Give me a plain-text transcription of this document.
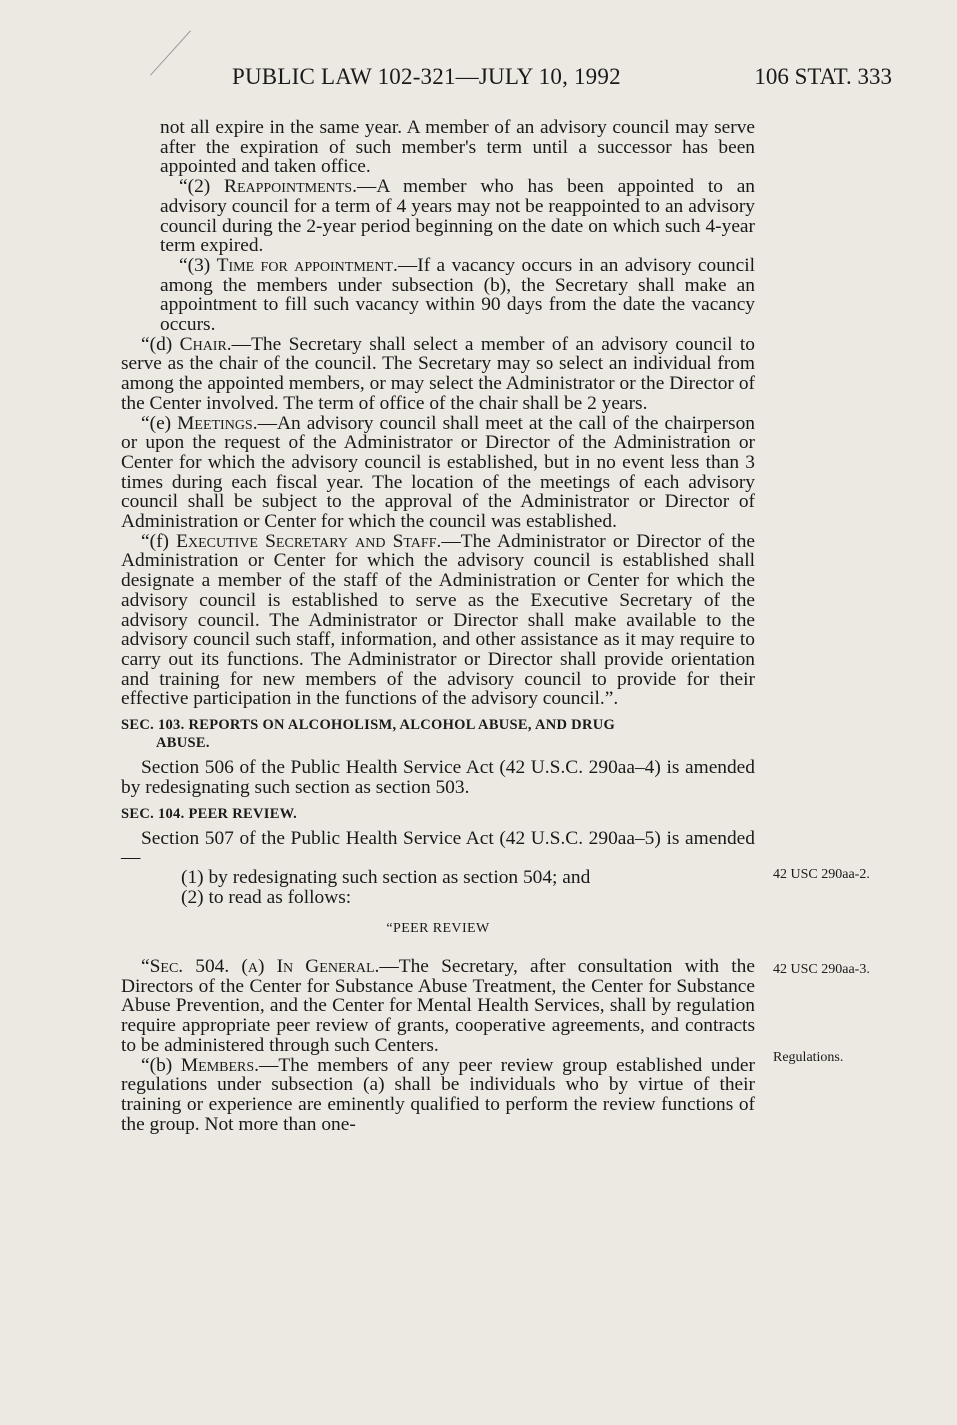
PUBLIC LAW 102-321—JULY 10, 1992	106 STAT. 333

not all expire in the same year. A member of an advisory council may serve after the expiration of such member's term until a successor has been appointed and taken office.

“(2) Reappointments.—A member who has been appointed to an advisory council for a term of 4 years may not be reappointed to an advisory council during the 2-year period beginning on the date on which such 4-year term expired.

“(3) Time for appointment.—If a vacancy occurs in an advisory council among the members under subsection (b), the Secretary shall make an appointment to fill such vacancy within 90 days from the date the vacancy occurs.

“(d) Chair.—The Secretary shall select a member of an advisory council to serve as the chair of the council. The Secretary may so select an individual from among the appointed members, or may select the Administrator or the Director of the Center involved. The term of office of the chair shall be 2 years.

“(e) Meetings.—An advisory council shall meet at the call of the chairperson or upon the request of the Administrator or Director of the Administration or Center for which the advisory council is established, but in no event less than 3 times during each fiscal year. The location of the meetings of each advisory council shall be subject to the approval of the Administrator or Director of Administration or Center for which the council was established.

“(f) Executive Secretary and Staff.—The Administrator or Director of the Administration or Center for which the advisory council is established shall designate a member of the staff of the Administration or Center for which the advisory council is established to serve as the Executive Secretary of the advisory council. The Administrator or Director shall make available to the advisory council such staff, information, and other assistance as it may require to carry out its functions. The Administrator or Director shall provide orientation and training for new members of the advisory council to provide for their effective participation in the functions of the advisory council.”.

SEC. 103. REPORTS ON ALCOHOLISM, ALCOHOL ABUSE, AND DRUG
ABUSE.

Section 506 of the Public Health Service Act (42 U.S.C. 290aa–4) is amended by redesignating such section as section 503.

SEC. 104. PEER REVIEW.

Section 507 of the Public Health Service Act (42 U.S.C. 290aa–5) is amended—

(1) by redesignating such section as section 504; and

(2) to read as follows:

“PEER REVIEW

“Sec. 504. (a) In General.—The Secretary, after consultation with the Directors of the Center for Substance Abuse Treatment, the Center for Substance Abuse Prevention, and the Center for Mental Health Services, shall by regulation require appropriate peer review of grants, cooperative agreements, and contracts to be administered through such Centers.

“(b) Members.—The members of any peer review group established under regulations under subsection (a) shall be individuals who by virtue of their training or experience are eminently qualified to perform the review functions of the group. Not more than one-

42 USC 290aa-2.
42 USC 290aa-3.
Regulations.
